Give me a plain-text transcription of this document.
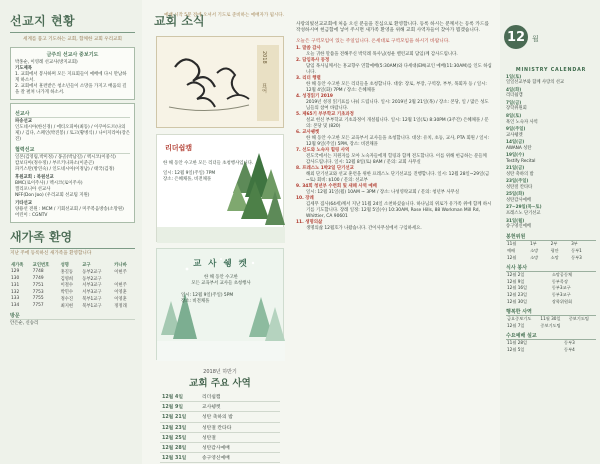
선교지 현황
세계를 품고 기도하는 교회, 함께한 교회 우리교회
금주의 선교사 중보기도
박홍순, 이영례 선교사(방지교회)
기도제목
1. 교회에서 봉사하며 모든 지표회들이 예배에 다시 만남하게 하소서.
2. 교회에서 훈련받은 청소년들이 소망을 가지고 배움의 길을 잘 펼쳐 나가게 하소서.
선교사
파송선교
인도네시아(한신경) / 에티오피아(최동) / 이쿠아도르(나의제) / 김다, 스페인(박진봉) / 토고(황병식) / 나이지리아(장은진)
협력선교
일본(김영림,박미정) / 몽골(박남길) / 멕시코(이중석)
캄보디아(정수정) / 부르키나파소(이준곤)
파키스탄(방연숙) / 인도네시아(이정남) / 태국(김정)
후원교회 : 북원선교
BMC(로이주사) / 멕시코(로이주사)
캘리포니아 선교사
NFF(Don Joo) (우리교회 선교팀 지원)
기타선교
양용선 전원 : MCM / 기회선교회 / 미주복음방송(소망원)
어린이 : CGNTV
새가족 환영
지난 주에 등록하신 새가족을 환영합니다
새가족	교인번호	성명	교구	카나바
129	7748	홍길동	동부2교구	이현주
130	7749	김영희	동부2교구	
131	7751	이철수	서부3교구	이현주
132	7753	박민수	서부3교구	이영훈
133	7755	정수진	북부1교구	이영훈
134	7757	최지현	북부1교구	정정래
방문
안은순, 신승리
교회 소식
2018
표어
리더쉽캠
한 해 동안 수고한 모든 리더들 초청행사입니다.
일시: 12월 9일(주일) 7PM
장소: 은혜채플, 비전채플
교 사 쉥 켓
한 해 동안 수고한
모든 교육부서 교사들 초청행사
일시: 12월 9일(주일) 5PM
장소: 비전채플
2018년 하반기
교회 주요 사역
12월 4일	리더쉽캠
12월 9일	교사쉥켓
12월 21일	성탄 축하의 밤
12월 23일	성탄절 칸타타
12월 25일	성탄절
12월 28일	성탄감사예배
12월 31일	송구영신예배
예배 시작 5분 전에 오셔서 기도로 준비하는 예배자가 됩시다.
사랑의빛선교교회에 처음 오신 분들을 진심으로 환영합니다. 등록 하시는 분께서는 등록 카드를 작성하시여 헌금함에 넣어 주시면 새가족 환영을 위해 교회 사역자들이 찾아가 뵙겠습니다.
오늘은 구역모임이 있는 주일입니다. 온세대로 구역모임을 하시기 바랍니다.
1. 말씀 감사
오늘 귀한 말씀을 전해주신 박덕례 목사님(청운 밸런교회 담임)께 감사드립니다.
2. 담임목사 동정
담임 목사님께서는 홍교향우 연합예배(5:30AM)와 다세대(EM)교인 예배(11:30AM)를 인도 하십니다.
3. 리더 행렬
한 해 동안 수고한 모든 리더들을 초청합니다. 대상: 장로, 부장, 구역장, 부부, 목회자 등 / 일시: 12월 4일(화) 7PM / 장소: 은혜채플
4. 성경읽기 2019
2019년 성경 읽기표를 나눠 드립니다. 일시: 2019년 2월 21일(목) / 장소: 본당, 일 / 많은 성도님들의 참여 바랍니다.
5. 제65기 부부학교 기초과정
설교 헌신 부부학교 기초과정이 개설됩니다. 일시: 12월 1일(토) 8:30PM (3주간) 은혜채플 / 문의: 본당 및 (820)
6. 교사쉥켓
한 해 동안 수고한 모든 교육부서 교사들을 초청합니다. 대상: 유치, 초등, 교사, PTA 회원 / 일시: 12월 9일(주일) 5PM, 장소: 비전채플
7. 선도와 노숙자 힐링 사역
전도국에서는 지원자를 모아 노숙자들에게 힐링과 함께 전도합니다. 이를 위해 헌금하는 분들께 감사드립니다. 일시: 12월 8일(토) 8AM / 문의: 교회 사무실
8. 프레스노 1박2일 단기선교
해외 단기선교와 선교 훈련을 위한 프레스노 단기선교를 진행합니다. 일시: 12월 28일~29일(금~토) 회비: $100 / 문의: 선교부
9. 34회 청년부 수련회 및 새해 사역 예배
일시: 12월 31일(월) 10AM ~ 3PM / 장소: 나성영락교회 / 문의: 청년부 사무실
10. 장례
김세무 집사(64세)께서 지난 11월 24일 소천하셨습니다. 하나님의 위로가 유가족 위에 함께 하시기를 기도합니다. 장례 일정: 12월 5일(수) 10:30AM, Rose Hills, 88 Workman Mill Rd, Whittier, CA 90601
11. 생명의삶
생명의삶 12월호가 나왔습니다. 간이사무실에서 구입하세요.
MINISTRY CALENDAR
1일(토)
일일선교부와 함께 사랑의 선교
4일(화)
리더쉽캠
7일(금)
장학위원회
8일(토)
흑인 노숙자 사역
9일(주일)
교사쉥켓
14일(금)
AWANA 성탄
19일(수)
Testify Recital
21일(금)
성탄 축하의 밤
23일(주일)
성탄절 칸타타
25일(화)
성탄감사예배
27~29일(목~토)
프레스노 단기선교
31일(월)
송구영신예배
봉헌위원
11월	1부	2부	3부
예배	소망	평안	동부1
12월	소망	소망	동부3
식사 봉사
12월 2일	소망공동체
12월 9일	동부목장
12월 16일	동부3교구
12월 23일	동부3교구
12월 30일	장학위원회
행복한 사역
금요중보기도	11월 30일	중보기도팀
12월 7일	중보기도팀	
수요예배 설교
11월 28일	동부3
12월 5일	동부4
12 월
